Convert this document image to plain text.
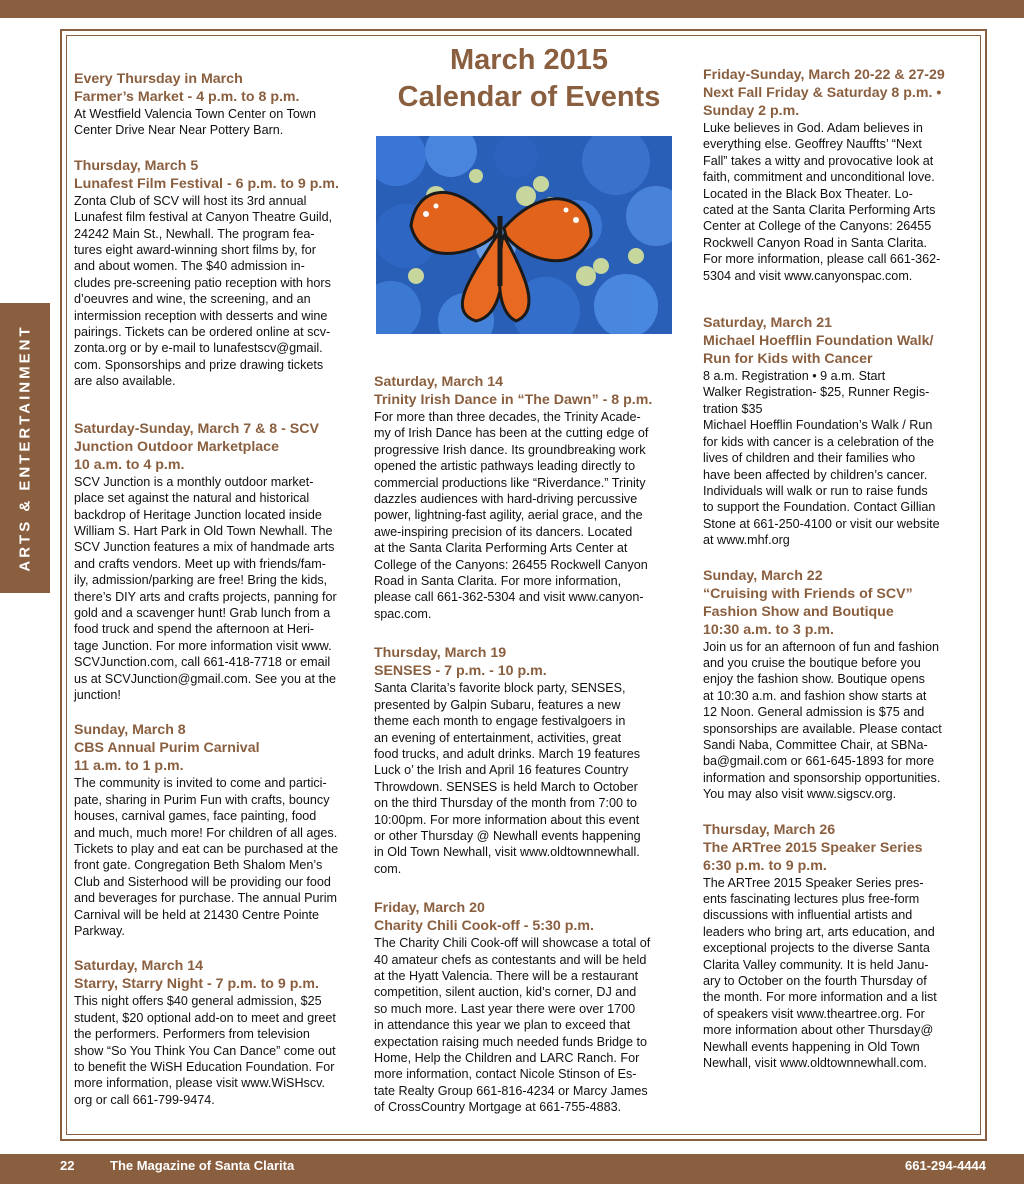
ARTS & ENTERTAINMENT
March 2015
Calendar of Events
Every Thursday in March
Farmer’s Market - 4 p.m. to 8 p.m.
At Westfield Valencia Town Center on Town
Center Drive Near Near Pottery Barn.
Thursday, March 5
Lunafest Film Festival - 6 p.m. to 9 p.m.
Zonta Club of SCV will host its 3rd annual
Lunafest film festival at Canyon Theatre Guild,
24242 Main St., Newhall. The program fea-
tures eight award-winning short films by, for
and about women. The $40 admission in-
cludes pre-screening patio reception with hors
d’oeuvres and wine, the screening, and an
intermission reception with desserts and wine
pairings. Tickets can be ordered online at scv-
zonta.org or by e-mail to lunafestscv@gmail.
com. Sponsorships and prize drawing tickets
are also available.
Saturday-Sunday, March 7 & 8 - SCV
Junction Outdoor Marketplace
10 a.m. to 4 p.m.
SCV Junction is a monthly outdoor market-
place set against the natural and historical
backdrop of Heritage Junction located inside
William S. Hart Park in Old Town Newhall. The
SCV Junction features a mix of handmade arts
and crafts vendors. Meet up with friends/fam-
ily, admission/parking are free! Bring the kids,
there’s DIY arts and crafts projects, panning for
gold and a scavenger hunt! Grab lunch from a
food truck and spend the afternoon at Heri-
tage Junction. For more information visit www.
SCVJunction.com, call 661-418-7718 or email
us at SCVJunction@gmail.com. See you at the
junction!
Sunday, March 8
CBS Annual Purim Carnival
11 a.m. to 1 p.m.
The community is invited to come and partici-
pate, sharing in Purim Fun with crafts, bouncy
houses, carnival games, face painting, food
and much, much more! For children of all ages.
Tickets to play and eat can be purchased at the
front gate. Congregation Beth Shalom Men’s
Club and Sisterhood will be providing our food
and beverages for purchase. The annual Purim
Carnival will be held at 21430 Centre Pointe
Parkway.
Saturday, March 14
Starry, Starry Night - 7 p.m. to 9 p.m.
This night offers $40 general admission, $25
student, $20 optional add-on to meet and greet
the performers. Performers from television
show “So You Think You Can Dance” come out
to benefit the WiSH Education Foundation. For
more information, please visit www.WiSHscv.
org or call 661-799-9474.
Saturday, March 14
Trinity Irish Dance in “The Dawn” - 8 p.m.
For more than three decades, the Trinity Acade-
my of Irish Dance has been at the cutting edge of
progressive Irish dance. Its groundbreaking work
opened the artistic pathways leading directly to
commercial productions like “Riverdance.” Trinity
dazzles audiences with hard-driving percussive
power, lightning-fast agility, aerial grace, and the
awe-inspiring precision of its dancers. Located
at the Santa Clarita Performing Arts Center at
College of the Canyons: 26455 Rockwell Canyon
Road in Santa Clarita. For more information,
please call 661-362-5304 and visit www.canyon-
spac.com.
Thursday, March 19
SENSES - 7 p.m. - 10 p.m.
Santa Clarita’s favorite block party, SENSES,
presented by Galpin Subaru, features a new
theme each month to engage festivalgoers in
an evening of entertainment, activities, great
food trucks, and adult drinks. March 19 features
Luck o’ the Irish and April 16 features Country
Throwdown. SENSES is held March to October
on the third Thursday of the month from 7:00 to
10:00pm. For more information about this event
or other Thursday @ Newhall events happening
in Old Town Newhall, visit www.oldtownnewhall.
com.
Friday, March 20
Charity Chili Cook-off - 5:30 p.m.
The Charity Chili Cook-off will showcase a total of
40 amateur chefs as contestants and will be held
at the Hyatt Valencia. There will be a restaurant
competition, silent auction, kid’s corner, DJ and
so much more. Last year there were over 1700
in attendance this year we plan to exceed that
expectation raising much needed funds Bridge to
Home, Help the Children and LARC Ranch. For
more information, contact Nicole Stinson of Es-
tate Realty Group 661-816-4234 or Marcy James
of CrossCountry Mortgage at 661-755-4883.
Friday-Sunday, March 20-22 & 27-29
Next Fall Friday & Saturday 8 p.m. •
Sunday 2 p.m.
Luke believes in God. Adam believes in
everything else. Geoffrey Nauffts’ “Next
Fall” takes a witty and provocative look at
faith, commitment and unconditional love.
Located in the Black Box Theater. Lo-
cated at the Santa Clarita Performing Arts
Center at College of the Canyons: 26455
Rockwell Canyon Road in Santa Clarita.
For more information, please call 661-362-
5304 and visit www.canyonspac.com.
Saturday, March 21
Michael Hoefflin Foundation Walk/
Run for Kids with Cancer
8 a.m. Registration • 9 a.m. Start
Walker Registration- $25, Runner Regis-
tration $35
Michael Hoefflin Foundation’s Walk / Run
for kids with cancer is a celebration of the
lives of children and their families who
have been affected by children’s cancer.
Individuals will walk or run to raise funds
to support the Foundation. Contact Gillian
Stone at 661-250-4100 or visit our website
at www.mhf.org
Sunday, March 22
“Cruising with Friends of SCV”
Fashion Show and Boutique
10:30 a.m. to 3 p.m.
Join us for an afternoon of fun and fashion
and you cruise the boutique before you
enjoy the fashion show. Boutique opens
at 10:30 a.m. and fashion show starts at
12 Noon. General admission is $75 and
sponsorships are available. Please contact
Sandi Naba, Committee Chair, at SBNa-
ba@gmail.com or 661-645-1893 for more
information and sponsorship opportunities.
You may also visit www.sigscv.org.
Thursday, March 26
The ARTree 2015 Speaker Series
6:30 p.m. to 9 p.m.
The ARTree 2015 Speaker Series pres-
ents fascinating lectures plus free-form
discussions with influential artists and
leaders who bring art, arts education, and
exceptional projects to the diverse Santa
Clarita Valley community. It is held Janu-
ary to October on the fourth Thursday of
the month. For more information and a list
of speakers visit www.theartree.org. For
more information about other Thursday@
Newhall events happening in Old Town
Newhall, visit www.oldtownnewhall.com.
22	The Magazine of Santa Clarita	661-294-4444
